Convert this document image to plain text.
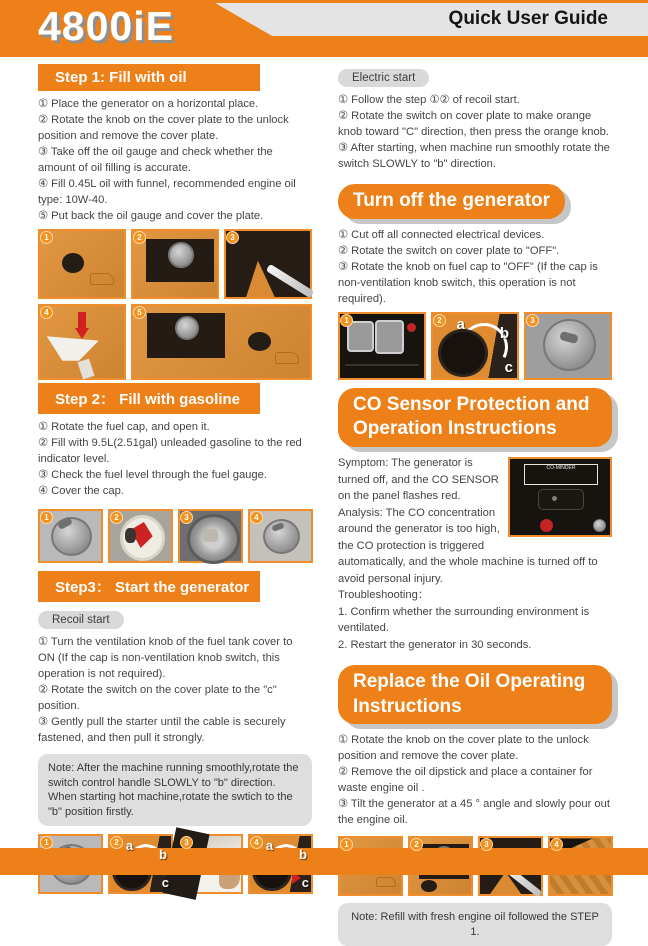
4800iE	Quick User Guide
Step 1: Fill with oil
① Place the generator on a horizontal place.
② Rotate the knob on the cover plate to the unlock position and remove the cover plate.
③ Take off the oil gauge and check whether the amount of oil filling is accurate.
④ Fill 0.45L oil with funnel, recommended engine oil type: 10W-40.
⑤ Put back the oil gauge and cover the plate.
1	2	3
4	5
Step 2： Fill with gasoline
① Rotate the fuel cap, and open it.
② Fill with 9.5L(2.51gal) unleaded gasoline to the red indicator level.
③ Check the fuel level through the fuel gauge.
④ Cover the cap.
1	2	3	4
Step3： Start the generator
Recoil start
① Turn the ventilation knob of the fuel tank cover to ON (If the cap is non-ventilation knob switch, this operation is not required).
② Rotate the switch on the cover plate to the "c" position.
③ Gently pull the starter until the cable is securely fastened, and then pull it strongly.
Note: After the machine running smoothly,rotate the switch control handle SLOWLY to "b" direction. When starting hot machine,rotate the swtich to the "b" position firstly.
1	2 a
b
c
3	4 a
b
c
Electric start
① Follow the step ①② of recoil start.
② Rotate the switch on cover plate to make orange knob toward "C" direction, then press the orange knob.
③ After starting, when machine run smoothly rotate the switch SLOWLY to "b" direction.
Turn off the generator
① Cut off all connected electrical devices.
② Rotate the switch on cover plate to "OFF".
③ Rotate the knob on fuel cap to "OFF" (If the cap is non-ventilation knob switch, this operation is not required).
1	2 a
b
c
3
CO Sensor Protection and Operation Instructions
CO-MINDER
Symptom: The generator is turned off, and the CO SENSOR on the panel flashes red.
Analysis: The CO concentration around the generator is too high, the CO protection is triggered automatically, and the whole machine is turned off to avoid personal injury.
Troubleshooting：
1. Confirm whether the surrounding environment is ventilated.
2. Restart the generator in 30 seconds.
Replace the Oil Operating Instructions
① Rotate the knob on the cover plate to the unlock position and remove the cover plate.
② Remove the oil dipstick and place a container for waste engine oil .
③ Tilt the generator at a 45 ° angle and slowly pour out the engine oil.
1	2	3	4
Note: Refill with fresh engine oil followed the STEP 1.
